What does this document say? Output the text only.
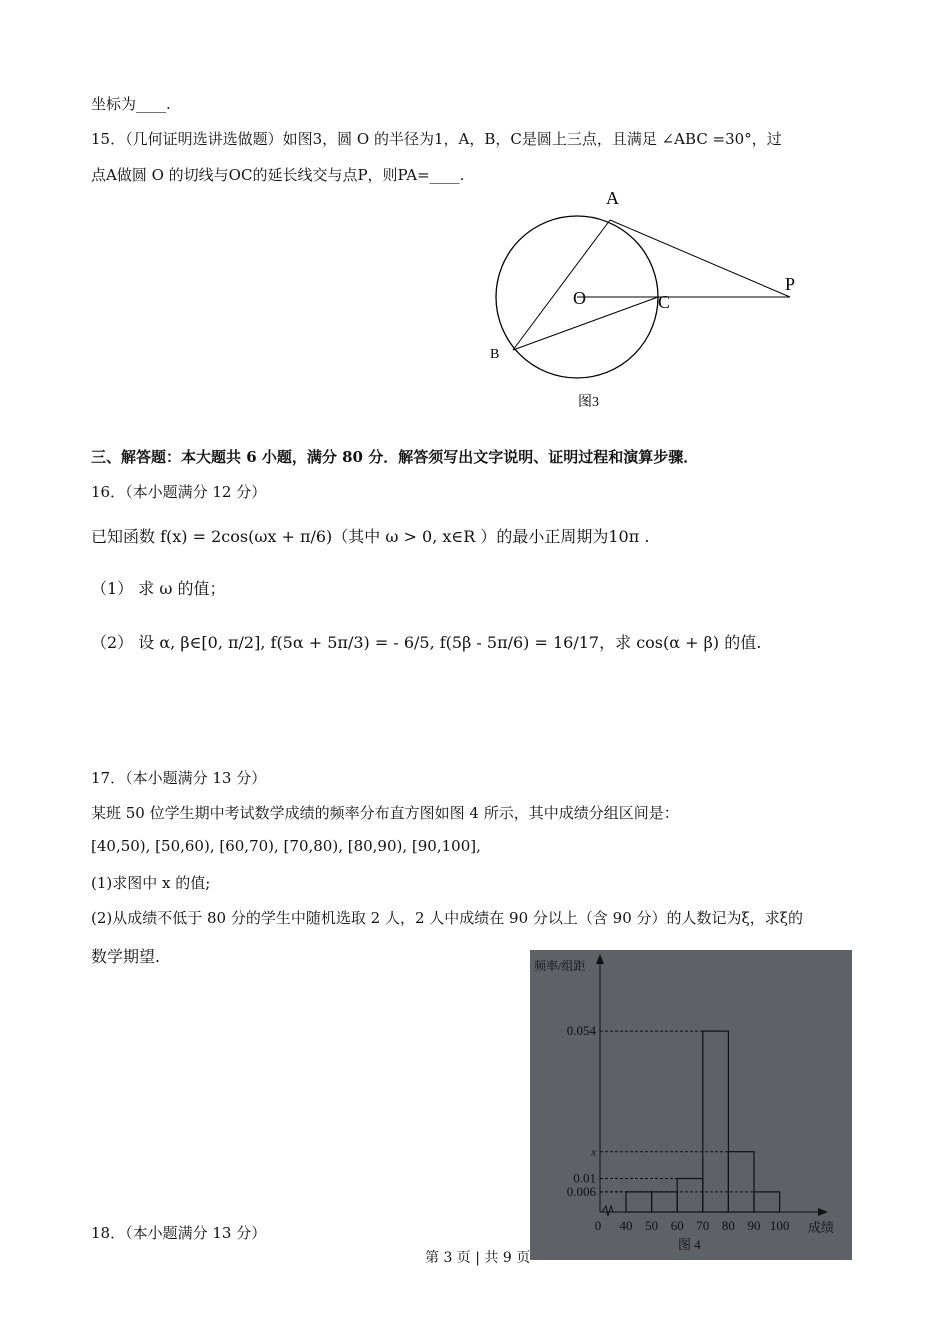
坐标为____.
15．（几何证明选讲选做题）如图3，圆 O 的半径为1，A，B，C是圆上三点，且满足 ∠ABC =30°，过
点A做圆 O 的切线与OC的延长线交与点P，则PA=____.
A
O	C
P
B
图3
三、解答题：本大题共 6 小题，满分 80 分．解答须写出文字说明、证明过程和演算步骤．
16．（本小题满分 12 分）
已知函数 f(x) = 2cos(ωx + π/6)（其中 ω > 0, x∈R ）的最小正周期为10π .
（1） 求 ω 的值；
（2） 设 α, β∈[0, π/2], f(5α + 5π/3) = - 6/5, f(5β - 5π/6) = 16/17，求 cos(α + β) 的值.
17．（本小题满分 13 分）
某班 50 位学生期中考试数学成绩的频率分布直方图如图 4 所示，其中成绩分组区间是：
[40,50), [50,60), [60,70), [70,80), [80,90), [90,100],
(1)求图中 x 的值;
(2)从成绩不低于 80 分的学生中随机选取 2 人，2 人中成绩在 90 分以上（含 90 分）的人数记为ξ，求ξ的
数学期望.	频率/组距
成绩
图 4
0.054
x
0.01
0.006
0 40 50 60 70 80 90 100
18．（本小题满分 13 分）
第 3 页 | 共 9 页
